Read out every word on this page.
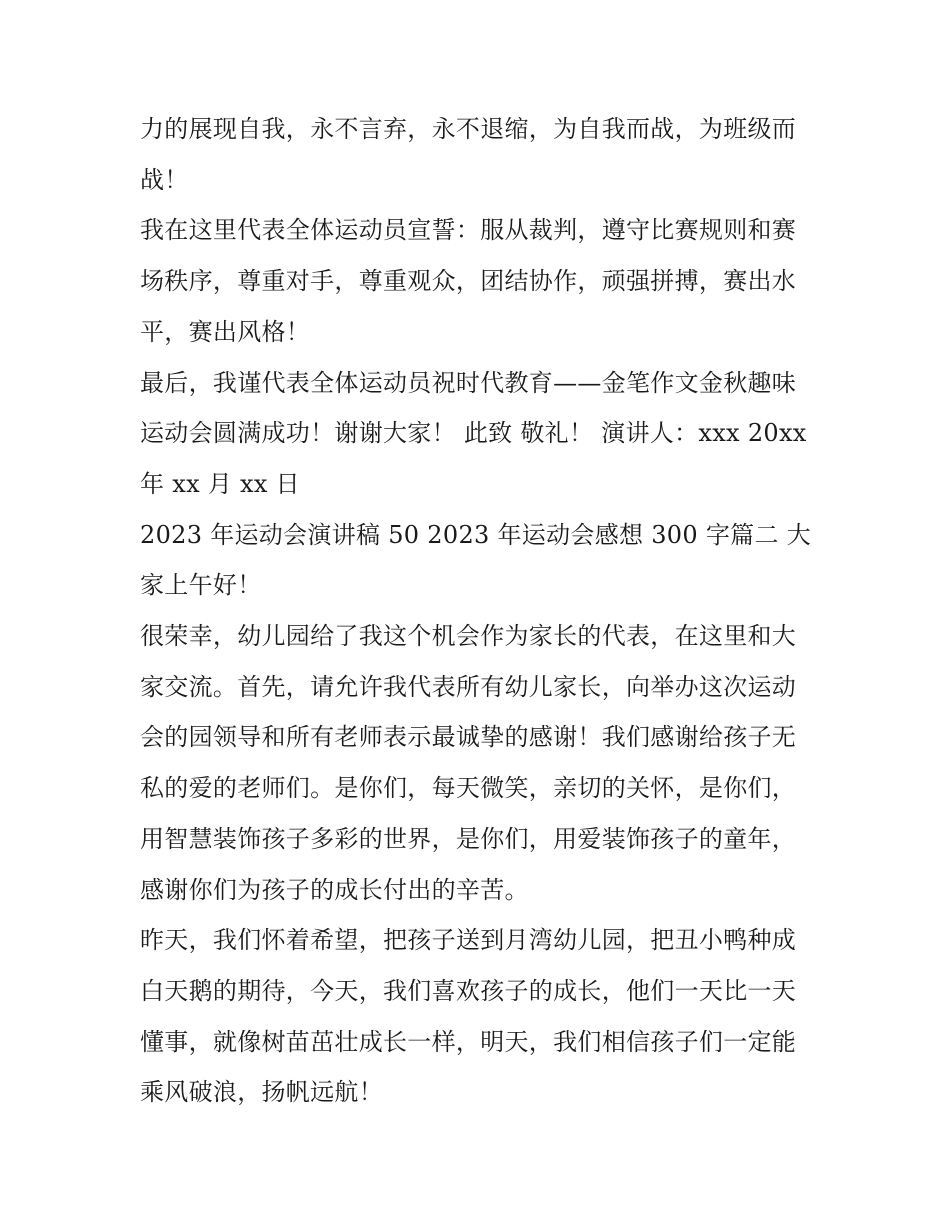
力的展现自我，永不言弃，永不退缩，为自我而战，为班级而战！

我在这里代表全体运动员宣誓：服从裁判，遵守比赛规则和赛场秩序，尊重对手，尊重观众，团结协作，顽强拼搏，赛出水平，赛出风格！

最后，我谨代表全体运动员祝时代教育——金笔作文金秋趣味运动会圆满成功！谢谢大家！ 此致 敬礼！ 演讲人：xxx 20xx年 xx 月 xx 日

2023 年运动会演讲稿 50 2023 年运动会感想 300 字篇二 大家上午好！

很荣幸，幼儿园给了我这个机会作为家长的代表，在这里和大家交流。首先，请允许我代表所有幼儿家长，向举办这次运动会的园领导和所有老师表示最诚挚的感谢！我们感谢给孩子无私的爱的老师们。是你们，每天微笑，亲切的关怀，是你们，用智慧装饰孩子多彩的世界，是你们，用爱装饰孩子的童年，感谢你们为孩子的成长付出的辛苦。

昨天，我们怀着希望，把孩子送到月湾幼儿园，把丑小鸭种成白天鹅的期待，今天，我们喜欢孩子的成长，他们一天比一天懂事，就像树苗茁壮成长一样，明天，我们相信孩子们一定能乘风破浪，扬帆远航！
